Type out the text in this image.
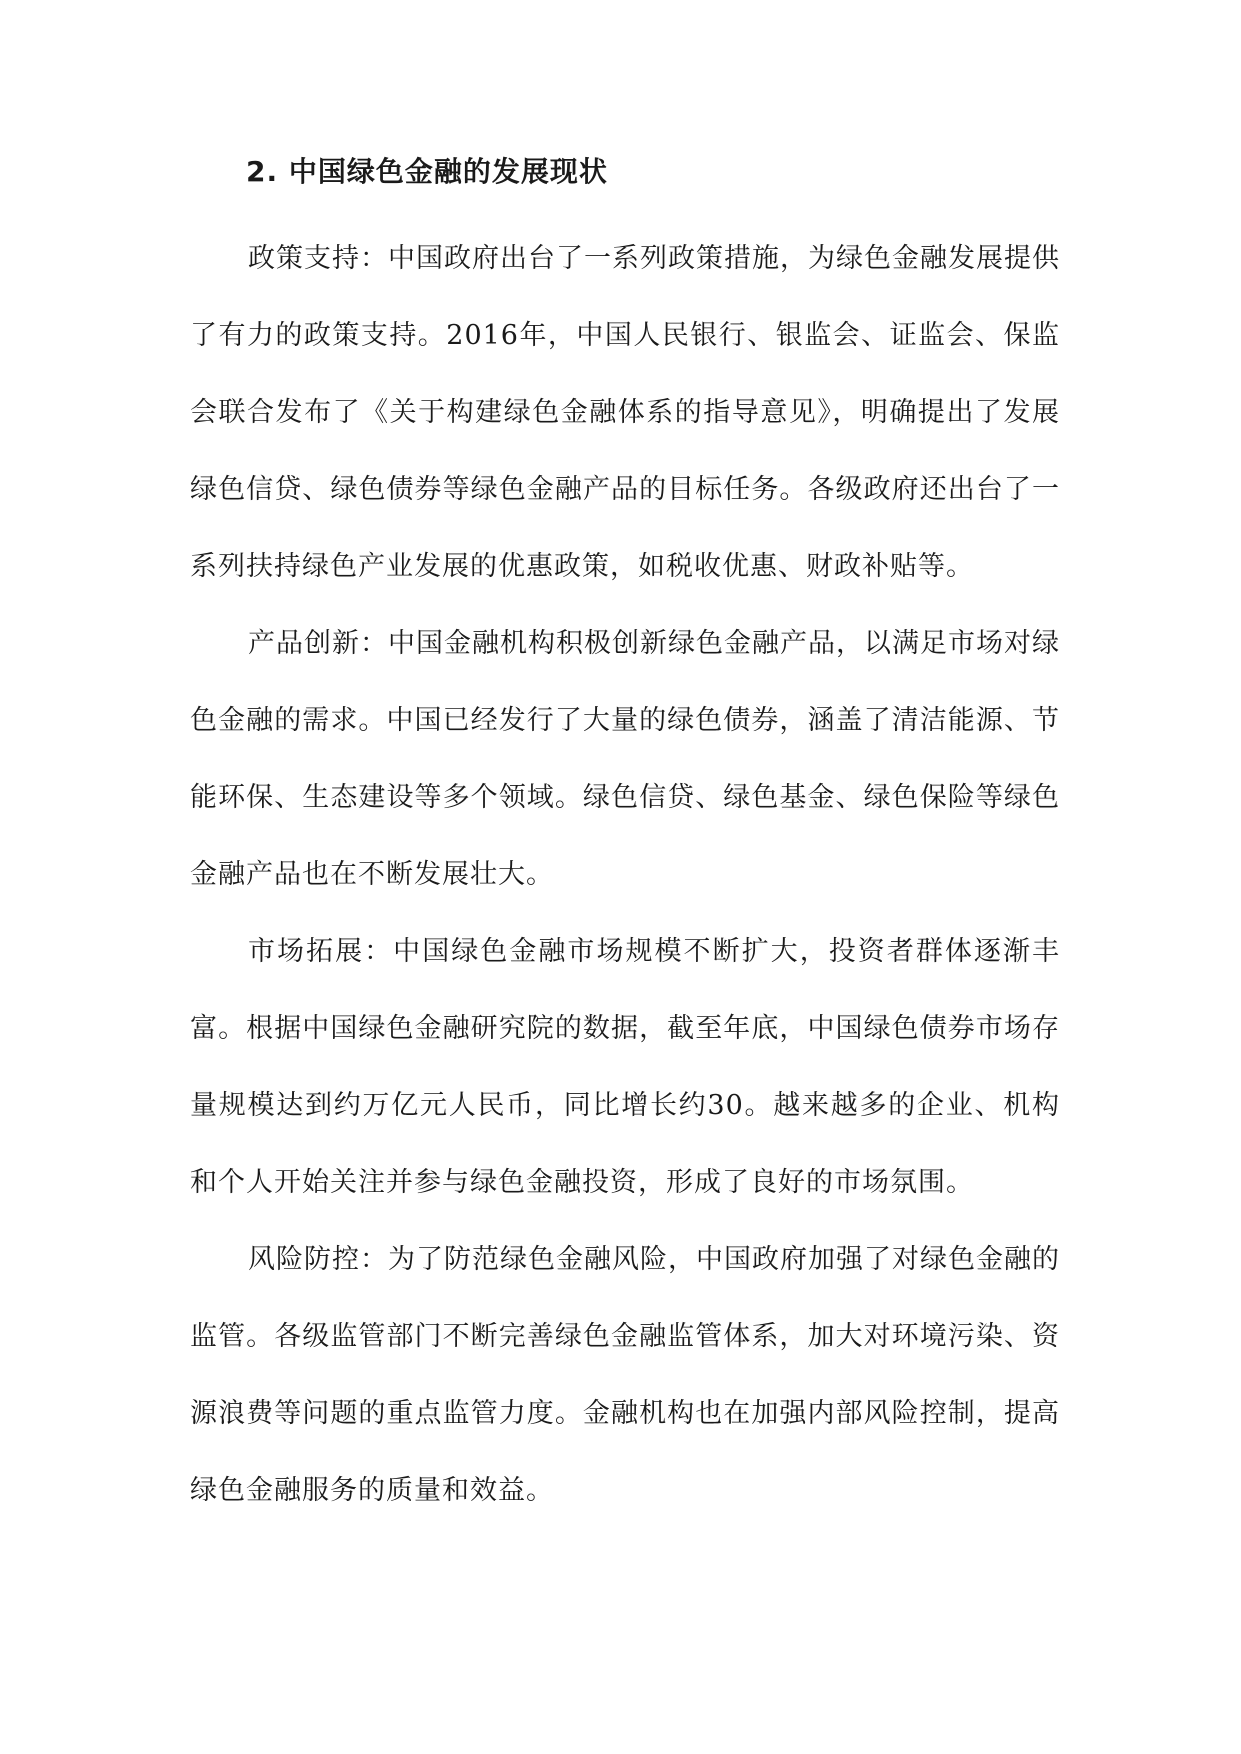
2. 中国绿色金融的发展现状

政策支持：中国政府出台了一系列政策措施，为绿色金融发展提供了有力的政策支持。2016年，中国人民银行、银监会、证监会、保监会联合发布了《关于构建绿色金融体系的指导意见》，明确提出了发展绿色信贷、绿色债券等绿色金融产品的目标任务。各级政府还出台了一系列扶持绿色产业发展的优惠政策，如税收优惠、财政补贴等。

产品创新：中国金融机构积极创新绿色金融产品，以满足市场对绿色金融的需求。中国已经发行了大量的绿色债券，涵盖了清洁能源、节能环保、生态建设等多个领域。绿色信贷、绿色基金、绿色保险等绿色金融产品也在不断发展壮大。

市场拓展：中国绿色金融市场规模不断扩大，投资者群体逐渐丰富。根据中国绿色金融研究院的数据，截至年底，中国绿色债券市场存量规模达到约万亿元人民币，同比增长约30。越来越多的企业、机构和个人开始关注并参与绿色金融投资，形成了良好的市场氛围。

风险防控：为了防范绿色金融风险，中国政府加强了对绿色金融的监管。各级监管部门不断完善绿色金融监管体系，加大对环境污染、资源浪费等问题的重点监管力度。金融机构也在加强内部风险控制，提高绿色金融服务的质量和效益。
